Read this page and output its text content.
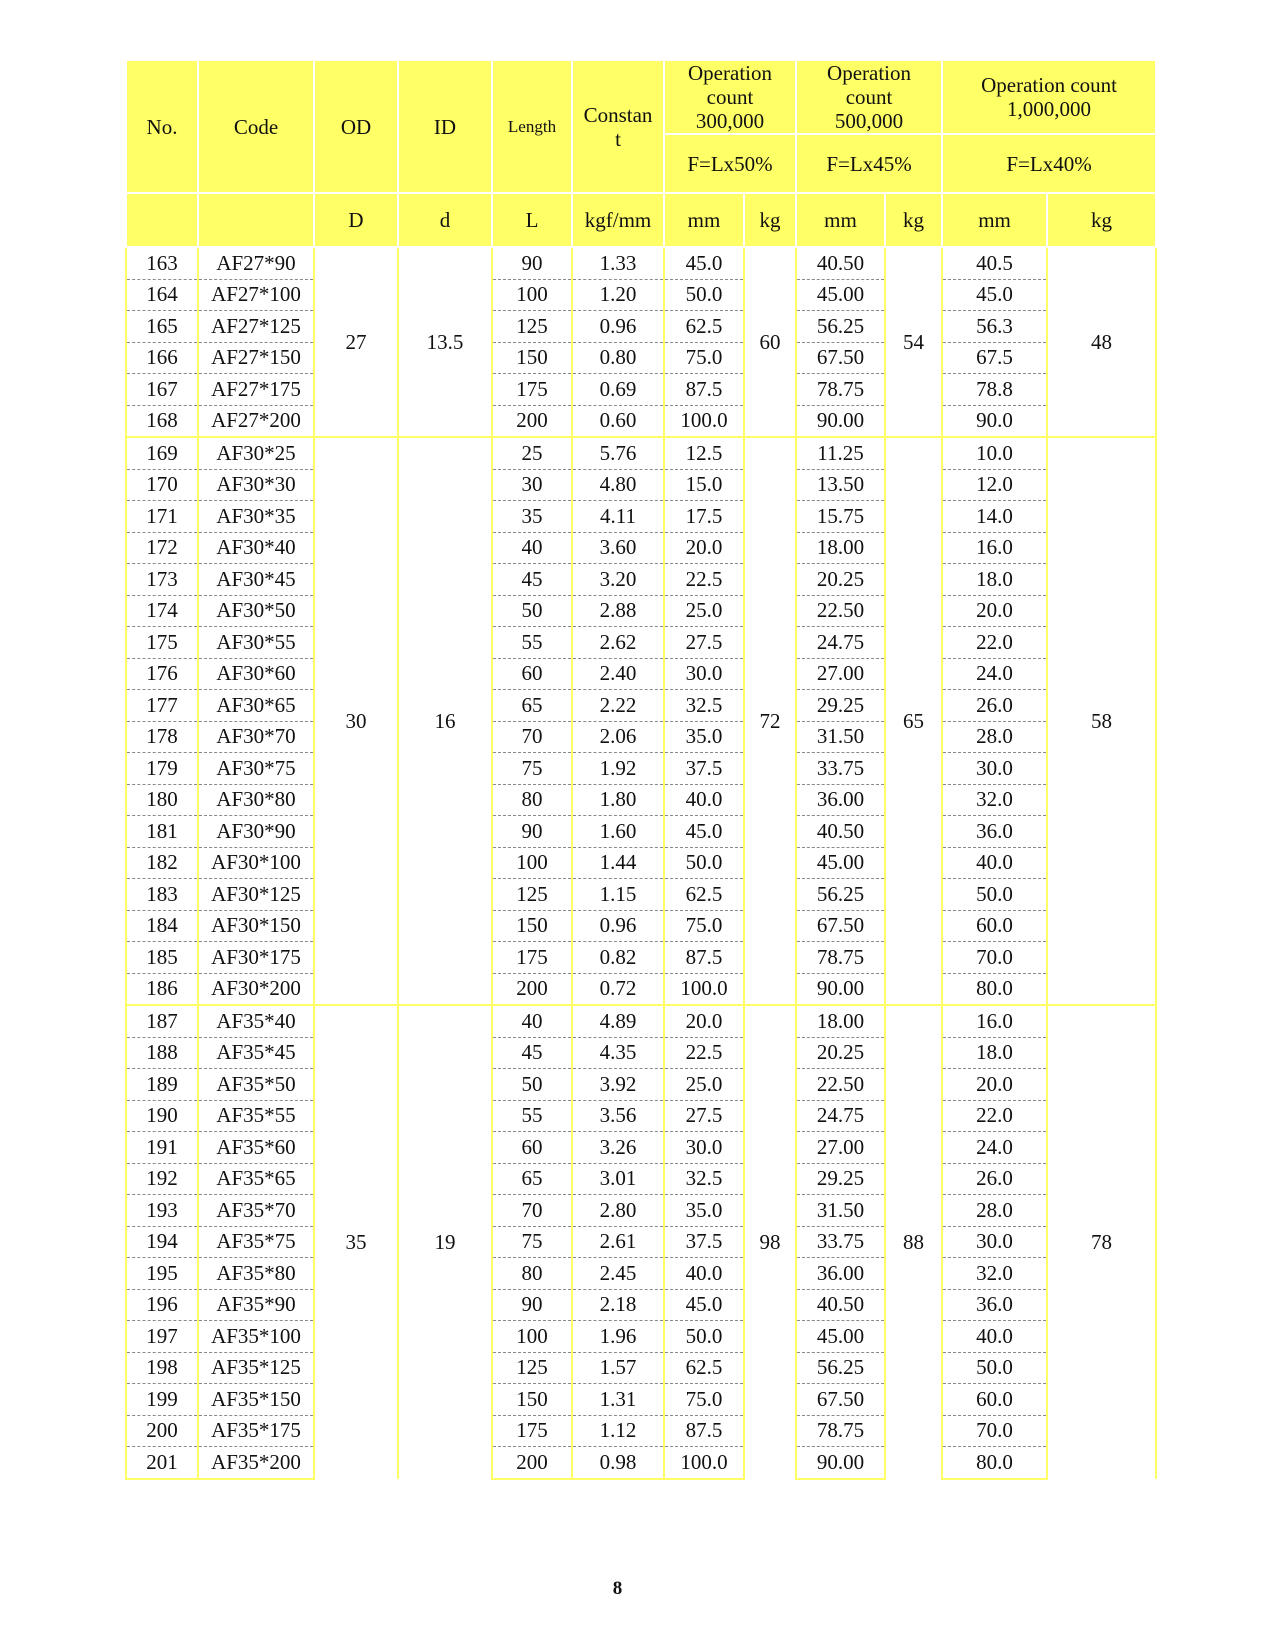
No.	Code	OD	ID	Length	Constan
t	Operation
count
300,000		Operation
count
500,000		Operation count
1,000,000	
						F=Lx50%		F=Lx45%		F=Lx40%	
		D	d	L	kgf/mm	mm	kg	mm	kg	mm	kg
163	AF27*90	27	13.5	90	1.33	45.0	60	40.50	54	40.5	48
164	AF27*100			100	1.20	50.0		45.00		45.0	
165	AF27*125			125	0.96	62.5		56.25		56.3	
166	AF27*150			150	0.80	75.0		67.50		67.5	
167	AF27*175			175	0.69	87.5		78.75		78.8	
168	AF27*200			200	0.60	100.0		90.00		90.0	
169	AF30*25	30	16	25	5.76	12.5	72	11.25	65	10.0	58
170	AF30*30			30	4.80	15.0		13.50		12.0	
171	AF30*35			35	4.11	17.5		15.75		14.0	
172	AF30*40			40	3.60	20.0		18.00		16.0	
173	AF30*45			45	3.20	22.5		20.25		18.0	
174	AF30*50			50	2.88	25.0		22.50		20.0	
175	AF30*55			55	2.62	27.5		24.75		22.0	
176	AF30*60			60	2.40	30.0		27.00		24.0	
177	AF30*65			65	2.22	32.5		29.25		26.0	
178	AF30*70			70	2.06	35.0		31.50		28.0	
179	AF30*75			75	1.92	37.5		33.75		30.0	
180	AF30*80			80	1.80	40.0		36.00		32.0	
181	AF30*90			90	1.60	45.0		40.50		36.0	
182	AF30*100			100	1.44	50.0		45.00		40.0	
183	AF30*125			125	1.15	62.5		56.25		50.0	
184	AF30*150			150	0.96	75.0		67.50		60.0	
185	AF30*175			175	0.82	87.5		78.75		70.0	
186	AF30*200			200	0.72	100.0		90.00		80.0	
187	AF35*40	35	19	40	4.89	20.0	98	18.00	88	16.0	78
188	AF35*45			45	4.35	22.5		20.25		18.0	
189	AF35*50			50	3.92	25.0		22.50		20.0	
190	AF35*55			55	3.56	27.5		24.75		22.0	
191	AF35*60			60	3.26	30.0		27.00		24.0	
192	AF35*65			65	3.01	32.5		29.25		26.0	
193	AF35*70			70	2.80	35.0		31.50		28.0	
194	AF35*75			75	2.61	37.5		33.75		30.0	
195	AF35*80			80	2.45	40.0		36.00		32.0	
196	AF35*90			90	2.18	45.0		40.50		36.0	
197	AF35*100			100	1.96	50.0		45.00		40.0	
198	AF35*125			125	1.57	62.5		56.25		50.0	
199	AF35*150			150	1.31	75.0		67.50		60.0	
200	AF35*175			175	1.12	87.5		78.75		70.0	
201	AF35*200			200	0.98	100.0		90.00		80.0	
8
